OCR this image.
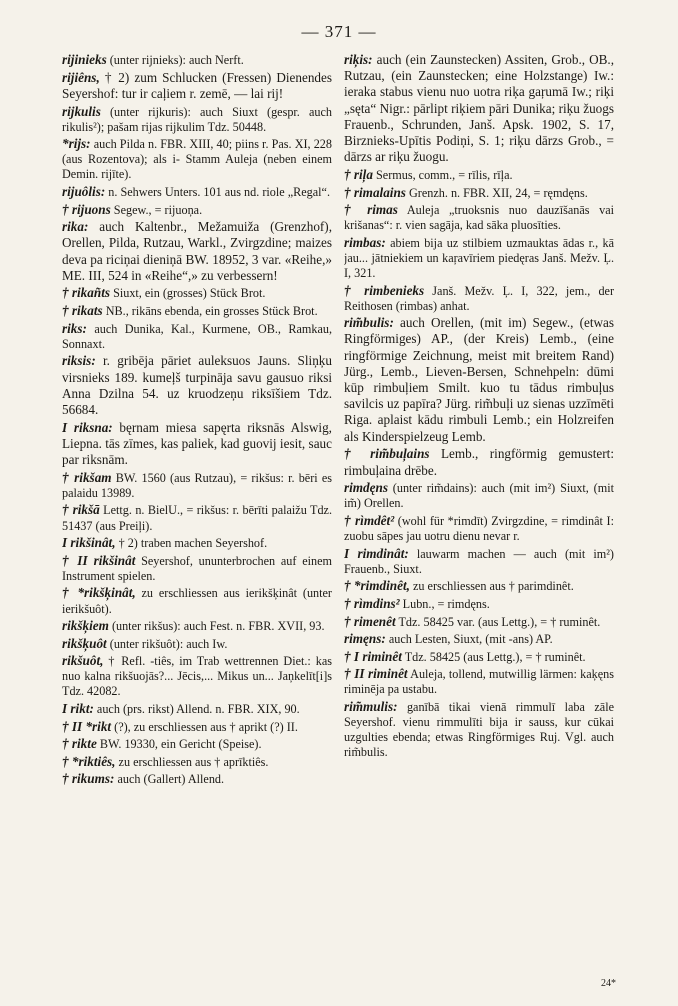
— 371 —

rijinieks (unter rijnieks): auch Nerft.

rijiêns, † 2) zum Schlucken (Fressen) Dienendes Seyershof: tur ir caļiem r. zemē, — lai rij!

rijkulis (unter rijkuris): auch Siuxt (gespr. auch rikulis²); pašam rijas rijkulim Tdz. 50448.

*rijs: auch Pilda n. FBR. XIII, 40; piins r. Pas. XI, 228 (aus Rozentova); als i- Stamm Auleja (neben einem Demin. rijīte).

rijuôlis: n. Sehwers Unters. 101 aus nd. riole „Regal“.

† rijuons Segew., = rijuoņa.

rika: auch Kaltenbr., Mežamuiža (Grenzhof), Orellen, Pilda, Rutzau, Warkl., Zvirgzdine; maizes deva pa riciņai dieniņā BW. 18952, 3 var. «Reihe,» ME. III, 524 in «Reihe“,» zu verbessern!

† rikañts Siuxt, ein (grosses) Stück Brot.

† rikats NB., rikāns ebenda, ein grosses Stück Brot.

riks: auch Dunika, Kal., Kurmene, OB., Ramkau, Sonnaxt.

riksis: r. gribēja pāriet auleksuos Jauns. Sliņķu virsnieks 189. kumeļš turpināja savu gausuo riksi Anna Dzilna 54. uz kruodzeņu riksīšiem Tdz. 56684.

I riksna: bęrnam miesa sapęrta riksnās Alswig, Liepna. tās zīmes, kas paliek, kad guovij iesit, sauc par riksnām.

† rikšam BW. 1560 (aus Rutzau), = rikšus: r. bēri es palaidu 13989.

† rikšā Lettg. n. BielU., = rikšus: r. bērīti palaižu Tdz. 51437 (aus Preiļi).

I rikšinât, † 2) traben machen Seyershof.

† II rikšinât Seyershof, ununterbrochen auf einem Instrument spielen.

† *rikšķinât, zu erschliessen aus ierikšķinât (unter ierikšuôt).

rikšķiem (unter rikšus): auch Fest. n. FBR. XVII, 93.

rikšķuôt (unter rikšuôt): auch Iw.

rikšuôt, † Refl. -tiês, im Trab wettrennen Diet.: kas nuo kalna rikšuojās?... Jēcis,... Mikus un... Jaņkelīt[i]s Tdz. 42082.

I rikt: auch (prs. rikst) Allend. n. FBR. XIX, 90.

† II *rikt (?), zu erschliessen aus † aprikt (?) II.

† rikte BW. 19330, ein Gericht (Speise).

† *riktiês, zu erschliessen aus † aprīktiês.

† rikums: auch (Gallert) Allend.

riķis: auch (ein Zaunstecken) Assiten, Grob., OB., Rutzau, (ein Zaunstecken; eine Holzstange) Iw.: ieraka stabus vienu nuo uotra riķa gaŗumā Iw.; riķi „sęta“ Nigr.: pārlipt riķiem pāri Dunika; riķu žuogs Frauenb., Schrunden, Janš. Apsk. 1902, S. 17, Birznieks-Upītis Podiņi, S. 1; riķu dārzs Grob., = dārzs ar riķu žuogu.

† riļa Sermus, comm., = rīlis, rīļa.

† rimalains Grenzh. n. FBR. XII, 24, = ręmdęns.

† rimas Auleja „truoksnis nuo dauzīšanās vai krišanas“: r. vien sagāja, kad sāka pluosīties.

rimbas: abiem bija uz stilbiem uzmauktas ādas r., kā jau... jātniekiem un kaŗavīriem piedęras Janš. Mežv. Ļ. I, 321.

† rimbenieks Janš. Mežv. Ļ. I, 322, jem., der Reithosen (rimbas) anhat.

rim̃bulis: auch Orellen, (mit im) Segew., (etwas Ringförmiges) AP., (der Kreis) Lemb., (eine ringförmige Zeichnung, meist mit breitem Rand) Jürg., Lemb., Lieven-Bersen, Schnehpeln: dūmi kūp rimbuļiem Smilt. kuo tu tādus rimbuļus savilcis uz papīra? Jürg. rim̃buļi uz sienas uzzīmēti Riga. aplaist kādu rimbuli Lemb.; ein Holzreifen als Kinderspielzeug Lemb.

† rim̃buļains Lemb., ringförmig gemustert: rimbuļaina drēbe.

rimdęns (unter rim̃dains): auch (mit im²) Siuxt, (mit im̃) Orellen.

† rìmdêt² (wohl für *rimdīt) Zvirgzdine, = rimdinât I: zuobu sāpes jau uotru dienu nevar r.

I rimdinât: lauwarm machen — auch (mit im²) Frauenb., Siuxt.

† *rimdinêt, zu erschliessen aus † parimdinêt.

† rìmdins² Lubn., = rimdęns.

† rimenêt Tdz. 58425 var. (aus Lettg.), = † ruminêt.

rimęns: auch Lesten, Siuxt, (mit -ans) AP.

† I riminêt Tdz. 58425 (aus Lettg.), = † ruminêt.

† II riminêt Auleja, tollend, mutwillig lärmen: kaķęns riminēja pa ustabu.

rim̃mulis: ganībā tikai vienā rimmulī laba zāle Seyershof. vienu rimmulīti bija ir sauss, kur cūkai uzgulties ebenda; etwas Ringförmiges Ruj. Vgl. auch rim̃bulis.

24*
